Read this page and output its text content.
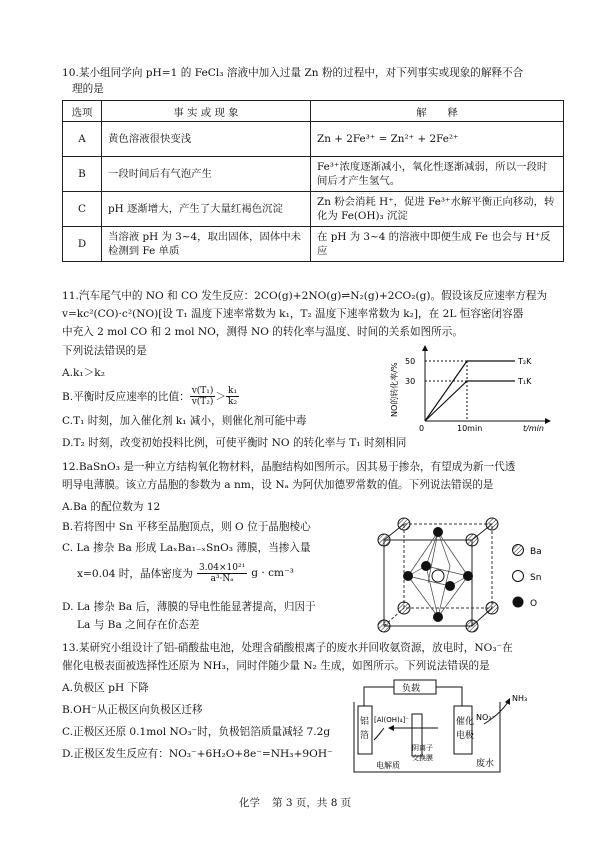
10.某小组同学向 pH=1 的 FeCl₃ 溶液中加入过量 Zn 粉的过程中，对下列事实或现象的解释不合
理的是
选项	事 实 或 现 象	解　　释
A	黄色溶液很快变浅	Zn + 2Fe³⁺ = Zn²⁺ + 2Fe²⁺
B	一段时间后有气泡产生	Fe³⁺浓度逐渐减小，氧化性逐渐减弱，所以一段时间后才产生氢气。
C	pH 逐渐增大，产生了大量红褐色沉淀	Zn 粉会消耗 H⁺，促进 Fe³⁺水解平衡正向移动，转化为 Fe(OH)₃ 沉淀
D	当溶液 pH 为 3~4，取出固体，固体中未检测到 Fe 单质	在 pH 为 3~4 的溶液中即便生成 Fe 也会与 H⁺反应
11.汽车尾气中的 NO 和 CO 发生反应：2CO(g)+2NO(g)⇌N₂(g)+2CO₂(g)。假设该反应速率方程为
v=kc²(CO)·c²(NO)[设 T₁ 温度下速率常数为 k₁，T₂ 温度下速率常数为 k₂]，在 2L 恒容密闭容器
中充入 2 mol CO 和 2 mol NO，测得 NO 的转化率与温度、时间的关系如图所示。
下列说法错误的是
A.k₁＞k₂
B.平衡时反应速率的比值： $\frac{\text{v(T₁)}}{\text{v(T₂)}} > \frac{\text{k₁}}{\text{k₂}}$
C.T₁ 时刻，加入催化剂 k₁ 减小，则催化剂可能中毒
D.T₂ 时刻，改变初始投料比例，可使平衡时 NO 的转化率与 T₁ 时刻相同
50
30
0	10min	t/min
T₂K
T₁K
NO的转化率/%
12.BaSnO₃ 是一种立方结构氧化物材料，晶胞结构如图所示。因其易于掺杂，有望成为新一代透
明导电薄膜。该立方晶胞的参数为 a nm，设 Nₐ 为阿伏加德罗常数的值。下列说法错误的是
A.Ba 的配位数为 12
B.若将图中 Sn 平移至晶胞顶点，则 O 位于晶胞棱心
C. La 掺杂 Ba 形成 LaₓBa₁₋ₓSnO₃ 薄膜，当掺入量
x=0.04 时，晶体密度为 $\frac{\text{3.04×10²¹}}{\text{a³·Nₐ}}$ g · cm⁻³
D. La 掺杂 Ba 后，薄膜的导电性能显著提高，归因于
La 与 Ba 之间存在价态差
Ba
Sn
O
13.某研究小组设计了铝-硝酸盐电池，处理含硝酸根离子的废水并回收氨资源，放电时，NO₃⁻在
催化电极表面被选择性还原为 NH₃，同时伴随少量 N₂ 生成，如图所示。下列说法错误的是
A.负极区 pH 下降
B.OH⁻从正极区向负极区迁移
C.正极区还原 0.1mol NO₃⁻时，负极铝箔质量减轻 7.2g
D.正极区发生反应有：NO₃⁻+6H₂O+8e⁻=NH₃+9OH⁻
负载
铝
箔
[Al(OH)₄]⁻
阴离子
交换膜
催化
电极
NO₃⁻
NH₃
电解质	废水
化学 第 3 页，共 8 页
